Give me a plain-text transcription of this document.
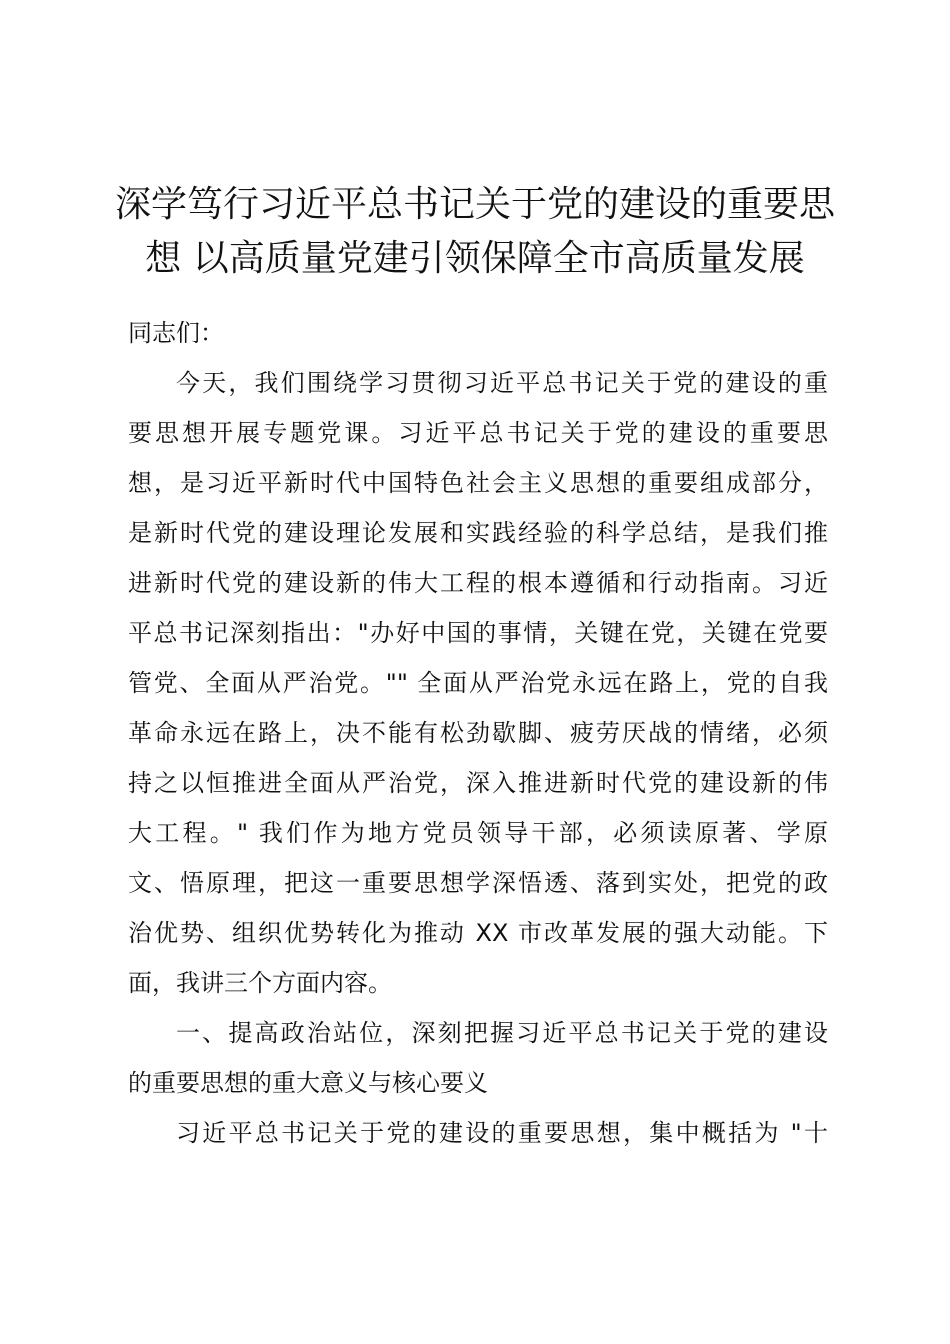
深学笃行习近平总书记关于党的建设的重要思
想 以高质量党建引领保障全市高质量发展

同志们：

今天，我们围绕学习贯彻习近平总书记关于党的建设的重
要思想开展专题党课。习近平总书记关于党的建设的重要思
想，是习近平新时代中国特色社会主义思想的重要组成部分，
是新时代党的建设理论发展和实践经验的科学总结，是我们推
进新时代党的建设新的伟大工程的根本遵循和行动指南。习近
平总书记深刻指出："办好中国的事情，关键在党，关键在党要
管党、全面从严治党。"" 全面从严治党永远在路上，党的自我
革命永远在路上，决不能有松劲歇脚、疲劳厌战的情绪，必须
持之以恒推进全面从严治党，深入推进新时代党的建设新的伟
大工程。" 我们作为地方党员领导干部，必须读原著、学原
文、悟原理，把这一重要思想学深悟透、落到实处，把党的政
治优势、组织优势转化为推动 XX 市改革发展的强大动能。下
面，我讲三个方面内容。

一、提高政治站位，深刻把握习近平总书记关于党的建设
的重要思想的重大意义与核心要义

习近平总书记关于党的建设的重要思想，集中概括为 "十
